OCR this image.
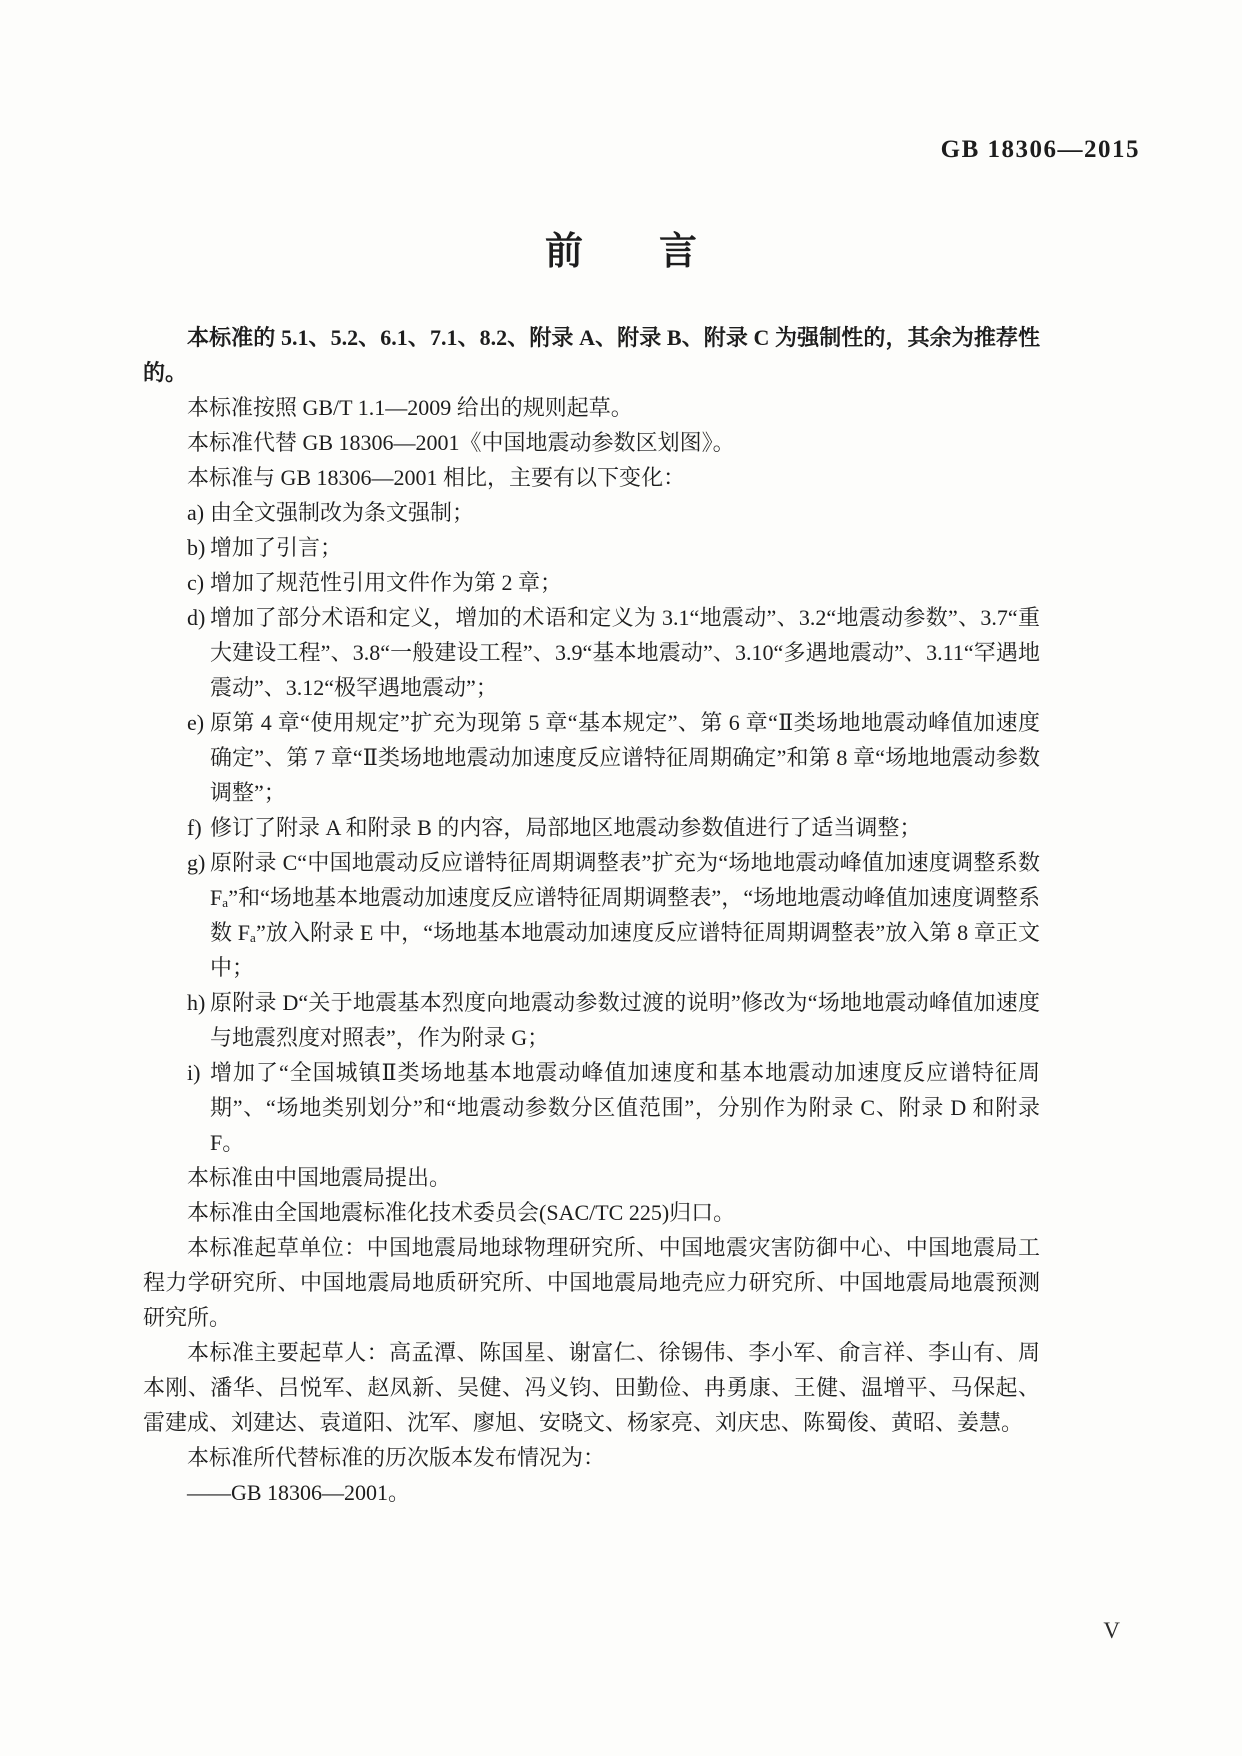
GB 18306—2015
前　　言

本标准的 5.1、5.2、6.1、7.1、8.2、附录 A、附录 B、附录 C 为强制性的，其余为推荐性的。

本标准按照 GB/T 1.1—2009 给出的规则起草。

本标准代替 GB 18306—2001《中国地震动参数区划图》。

本标准与 GB 18306—2001 相比，主要有以下变化：

a) 由全文强制改为条文强制；
b) 增加了引言；
c) 增加了规范性引用文件作为第 2 章；
d) 增加了部分术语和定义，增加的术语和定义为 3.1“地震动”、3.2“地震动参数”、3.7“重大建设工程”、3.8“一般建设工程”、3.9“基本地震动”、3.10“多遇地震动”、3.11“罕遇地震动”、3.12“极罕遇地震动”；
e) 原第 4 章“使用规定”扩充为现第 5 章“基本规定”、第 6 章“Ⅱ类场地地震动峰值加速度确定”、第 7 章“Ⅱ类场地地震动加速度反应谱特征周期确定”和第 8 章“场地地震动参数调整”；
f) 修订了附录 A 和附录 B 的内容，局部地区地震动参数值进行了适当调整；
g) 原附录 C“中国地震动反应谱特征周期调整表”扩充为“场地地震动峰值加速度调整系数 Fₐ”和“场地基本地震动加速度反应谱特征周期调整表”，“场地地震动峰值加速度调整系数 Fₐ”放入附录 E 中，“场地基本地震动加速度反应谱特征周期调整表”放入第 8 章正文中；
h) 原附录 D“关于地震基本烈度向地震动参数过渡的说明”修改为“场地地震动峰值加速度与地震烈度对照表”，作为附录 G；
i) 增加了“全国城镇Ⅱ类场地基本地震动峰值加速度和基本地震动加速度反应谱特征周期”、“场地类别划分”和“地震动参数分区值范围”，分别作为附录 C、附录 D 和附录 F。

本标准由中国地震局提出。

本标准由全国地震标准化技术委员会(SAC/TC 225)归口。

本标准起草单位：中国地震局地球物理研究所、中国地震灾害防御中心、中国地震局工程力学研究所、中国地震局地质研究所、中国地震局地壳应力研究所、中国地震局地震预测研究所。

本标准主要起草人：高孟潭、陈国星、谢富仁、徐锡伟、李小军、俞言祥、李山有、周本刚、潘华、吕悦军、赵凤新、吴健、冯义钧、田勤俭、冉勇康、王健、温增平、马保起、雷建成、刘建达、袁道阳、沈军、廖旭、安晓文、杨家亮、刘庆忠、陈蜀俊、黄昭、姜慧。

本标准所代替标准的历次版本发布情况为：

——GB 18306—2001。

V
